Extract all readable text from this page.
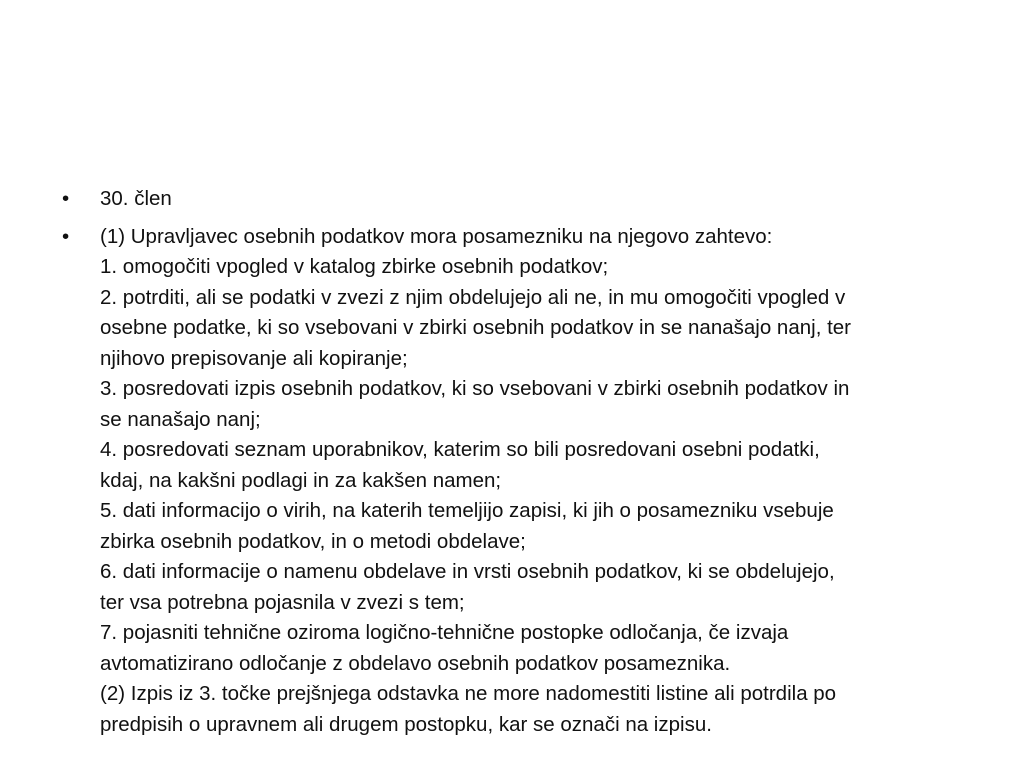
•	30. člen
•	(1) Upravljavec osebnih podatkov mora posamezniku na njegovo zahtevo:
1. omogočiti vpogled v katalog zbirke osebnih podatkov;
2. potrditi, ali se podatki v zvezi z njim obdelujejo ali ne, in mu omogočiti vpogled v
osebne podatke, ki so vsebovani v zbirki osebnih podatkov in se nanašajo nanj, ter
njihovo prepisovanje ali kopiranje;
3. posredovati izpis osebnih podatkov, ki so vsebovani v zbirki osebnih podatkov in
se nanašajo nanj;
4. posredovati seznam uporabnikov, katerim so bili posredovani osebni podatki,
kdaj, na kakšni podlagi in za kakšen namen;
5. dati informacijo o virih, na katerih temeljijo zapisi, ki jih o posamezniku vsebuje
zbirka osebnih podatkov, in o metodi obdelave;
6. dati informacije o namenu obdelave in vrsti osebnih podatkov, ki se obdelujejo,
ter vsa potrebna pojasnila v zvezi s tem;
7. pojasniti tehnične oziroma logično-tehnične postopke odločanja, če izvaja
avtomatizirano odločanje z obdelavo osebnih podatkov posameznika.
(2) Izpis iz 3. točke prejšnjega odstavka ne more nadomestiti listine ali potrdila po
predpisih o upravnem ali drugem postopku, kar se označi na izpisu.
